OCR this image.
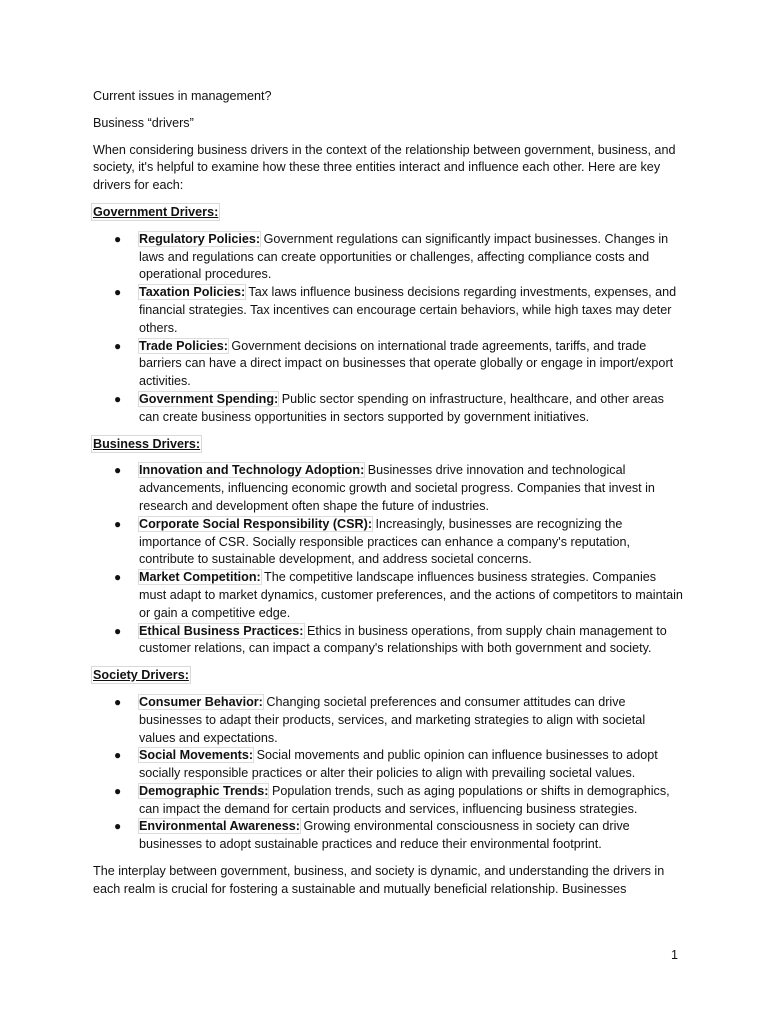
Current issues in management?

Business “drivers”

When considering business drivers in the context of the relationship between government, business, and society, it's helpful to examine how these three entities interact and influence each other. Here are key drivers for each:

Government Drivers:
● Regulatory Policies: Government regulations can significantly impact businesses. Changes in laws and regulations can create opportunities or challenges, affecting compliance costs and operational procedures.
● Taxation Policies: Tax laws influence business decisions regarding investments, expenses, and financial strategies. Tax incentives can encourage certain behaviors, while high taxes may deter others.
● Trade Policies: Government decisions on international trade agreements, tariffs, and trade barriers can have a direct impact on businesses that operate globally or engage in import/export activities.
● Government Spending: Public sector spending on infrastructure, healthcare, and other areas can create business opportunities in sectors supported by government initiatives.
Business Drivers:
● Innovation and Technology Adoption: Businesses drive innovation and technological advancements, influencing economic growth and societal progress. Companies that invest in research and development often shape the future of industries.
● Corporate Social Responsibility (CSR): Increasingly, businesses are recognizing the importance of CSR. Socially responsible practices can enhance a company's reputation, contribute to sustainable development, and address societal concerns.
● Market Competition: The competitive landscape influences business strategies. Companies must adapt to market dynamics, customer preferences, and the actions of competitors to maintain or gain a competitive edge.
● Ethical Business Practices: Ethics in business operations, from supply chain management to customer relations, can impact a company's relationships with both government and society.
Society Drivers:
● Consumer Behavior: Changing societal preferences and consumer attitudes can drive businesses to adapt their products, services, and marketing strategies to align with societal values and expectations.
● Social Movements: Social movements and public opinion can influence businesses to adopt socially responsible practices or alter their policies to align with prevailing societal values.
● Demographic Trends: Population trends, such as aging populations or shifts in demographics, can impact the demand for certain products and services, influencing business strategies.
● Environmental Awareness: Growing environmental consciousness in society can drive businesses to adopt sustainable practices and reduce their environmental footprint.

The interplay between government, business, and society is dynamic, and understanding the drivers in each realm is crucial for fostering a sustainable and mutually beneficial relationship. Businesses

1
